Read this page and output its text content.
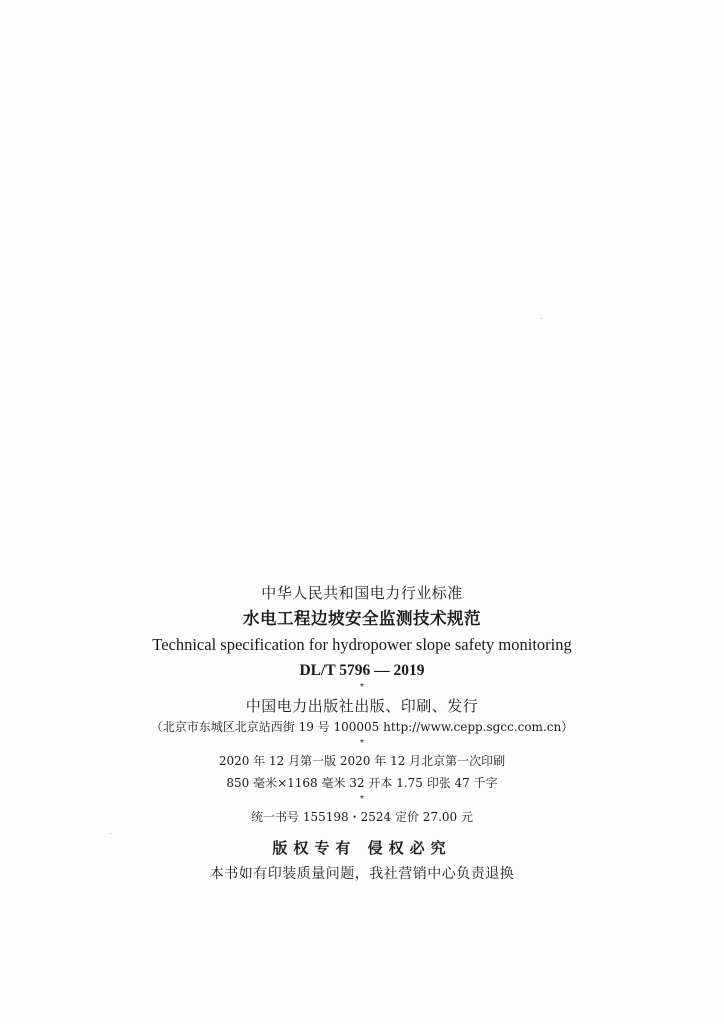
中华人民共和国电力行业标准
水电工程边坡安全监测技术规范
Technical specification for hydropower slope safety monitoring
DL/T 5796 — 2019
*
中国电力出版社出版、印刷、发行
（北京市东城区北京站西街 19 号 100005 http://www.cepp.sgcc.com.cn）
*
2020 年 12 月第一版 2020 年 12 月北京第一次印刷
850 毫米×1168 毫米 32 开本 1.75 印张 47 千字
*
统一书号 155198・2524 定价 27.00 元
版权专有 侵权必究
本书如有印装质量问题，我社营销中心负责退换
